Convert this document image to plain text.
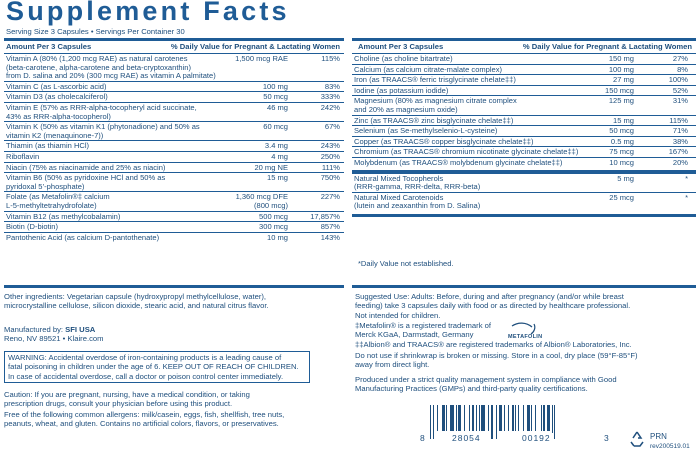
Supplement Facts
Serving Size 3 Capsules • Servings Per Container 30
Amount Per 3 Capsules	% Daily Value for Pregnant & Lactating Women
Vitamin A (80% (1,200 mcg RAE) as natural carotenes
(beta-carotene, alpha-carotene and beta-cryptoxanthin)
from D. salina and 20% (300 mcg RAE) as vitamin A palmitate)
1,500 mcg RAE	115%
Vitamin C (as L-ascorbic acid)	100 mg	83%
Vitamin D3 (as cholecalciferol)	50 mcg	333%
Vitamin E (57% as RRR-alpha-tocopheryl acid succinate,
43% as RRR-alpha-tocopherol)
46 mg	242%
Vitamin K (50% as vitamin K1 (phytonadione) and 50% as
vitamin K2 (menaquinone-7))
60 mcg	67%
Thiamin (as thiamin HCl)	3.4 mg	243%
Riboflavin	4 mg	250%
Niacin (75% as niacinamide and 25% as niacin)	20 mg NE	111%
Vitamin B6 (50% as pyridoxine HCl and 50% as
pyridoxal 5’-phosphate)
15 mg	750%
Folate (as Metafolin®‡ calcium
L-5-methyltetrahydrofolate)
1,360 mcg DFE
(800 mcg)
227%
Vitamin B12 (as methylcobalamin)	500 mcg	17,857%
Biotin (D-biotin)	300 mcg	857%
Pantothenic Acid (as calcium D-pantothenate)	10 mg	143%
Amount Per 3 Capsules	% Daily Value for Pregnant & Lactating Women
*Daily Value not established.
Choline (as choline bitartrate)	150 mg	27%
Calcium (as calcium citrate-malate complex)	100 mg	8%
Iron (as TRAACS® ferric trisglycinate chelate‡‡)	27 mg	100%
Iodine (as potassium iodide)	150 mcg	52%
Magnesium (80% as magnesium citrate complex
and 20% as magnesium oxide)
125 mg	31%
Zinc (as TRAACS® zinc bisglycinate chelate‡‡)	15 mg	115%
Selenium (as Se-methylselenio-L-cysteine)	50 mcg	71%
Copper (as TRAACS® copper bisglycinate chelate‡‡)	0.5 mg	38%
Chromium (as TRAACS® chromium nicotinate glycinate chelate‡‡)	75 mcg	167%
Molybdenum (as TRAACS® molybdenum glycinate chelate‡‡)	10 mcg	20%
Natural Mixed Tocopherols
(RRR-gamma, RRR-delta, RRR-beta)
5 mg	*
Natural Mixed Carotenoids
(lutein and zeaxanthin from D. Salina)
25 mcg	*
Other ingredients: Vegetarian capsule (hydroxypropyl methylcellulose, water),
microcrystalline cellulose, silicon dioxide, stearic acid, and natural citrus flavor.
Manufactured by: SFI USA
Reno, NV 89521 • Klaire.com
WARNING: Accidental overdose of iron-containing products is a leading cause of
fatal poisoning in children under the age of 6. KEEP OUT OF REACH OF CHILDREN.
In case of accidental overdose, call a doctor or poison control center immediately.
Caution: If you are pregnant, nursing, have a medical condition, or taking
prescription drugs, consult your physician before using this product.
Free of the following common allergens: milk/casein, eggs, fish, shellfish, tree nuts,
peanuts, wheat, and gluten. Contains no artificial colors, flavors, or preservatives.
Suggested Use: Adults: Before, during and after pregnancy (and/or while breast
feeding) take 3 capsules daily with food or as directed by healthcare professional.
Not intended for children.
‡Metafolin® is a registered trademark of
Merck KGaA, Darmstadt, Germany	METAFOLIN
‡‡Albion® and TRAACS® are registered trademarks of Albion® Laboratories, Inc.
Do not use if shrinkwrap is broken or missing. Store in a cool, dry place (59°F-85°F)
away from direct light.
Produced under a strict quality management system in compliance with Good
Manufacturing Practices (GMPs) and third-party quality certifications.
8	28054	00192	3	PRN
rev200519.01
